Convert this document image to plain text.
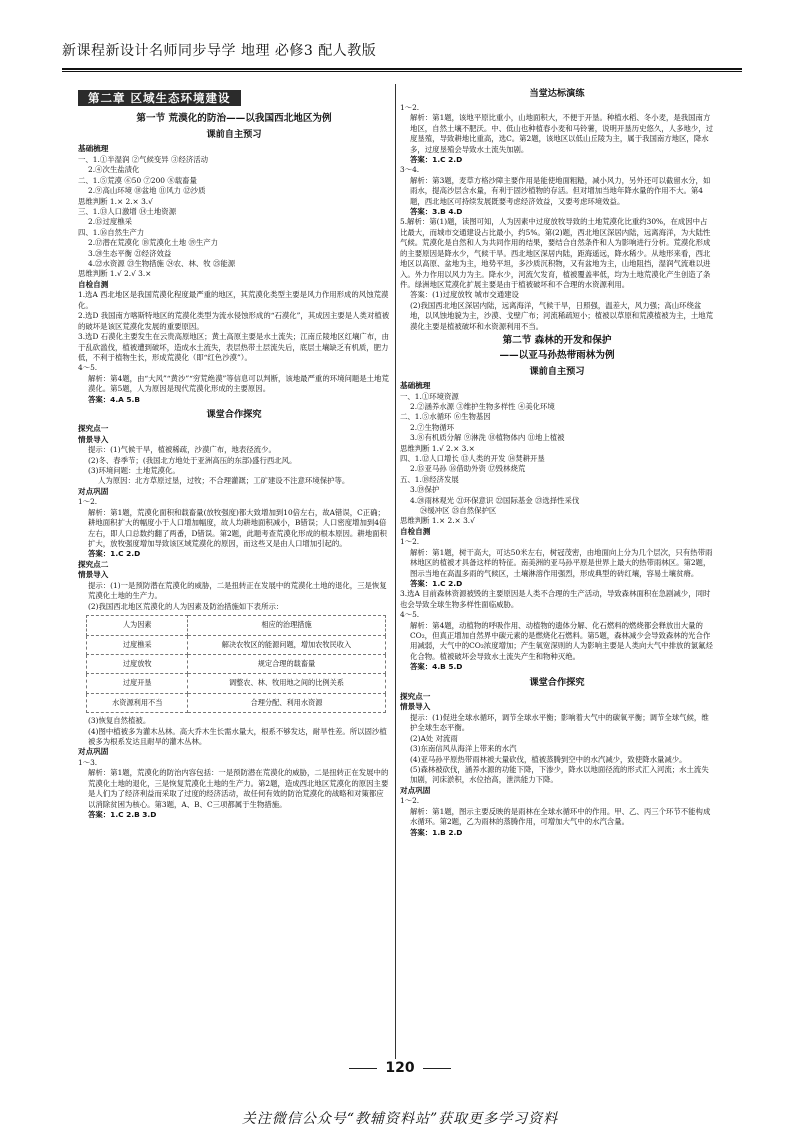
新课程新设计名师同步导学 地理 必修3 配人教版
第二章 区域生态环境建设
第一节 荒漠化的防治——以我国西北地区为例
课前自主预习
基础梳理
一、1.①半湿润 ②气候变异 ③经济活动
2.④次生盐渍化
二、1.⑤荒漠 ⑥50 ⑦200 ⑧载畜量
2.⑨高山环境 ⑩盆地 ⑪风力 ⑫沙质
思维判断 1.× 2.× 3.√
三、1.⑬人口激增 ⑭土地资源
2.⑮过度樵采
四、1.⑯自然生产力
2.⑰潜在荒漠化 ⑱荒漠化土地 ⑲生产力
3.⑳生态平衡 ㉑经济效益
4.㉒水资源 ㉓生物措施 ㉔农、林、牧 ㉕能源
思维判断 1.√ 2.√ 3.×
自检自测
1.选A 西北地区是我国荒漠化程度最严重的地区，其荒漠化类型主要是风力作用形成的风蚀荒漠化。
2.选D 我国南方喀斯特地区的荒漠化类型为流水侵蚀形成的“石漠化”，其成因主要是人类对植被的破坏是该区荒漠化发展的重要原因。
3.选D 石漠化主要发生在云贵高原地区；黄土高原主要是水土流失；江南丘陵地区红壤广布，由于乱砍滥伐，植被遭到破坏，造成水土流失，表层热带土层流失后，底层土壤缺乏有机质，肥力低，不利于植物生长，形成荒漠化（即“红色沙漠”）。
4～5.
解析：第4题，由“大风”“黄沙”“穷荒绝漠”等信息可以判断，该地最严重的环境问题是土地荒漠化。第5题，人为原因是现代荒漠化形成的主要原因。
答案：4.A 5.B
课堂合作探究
探究点一
情景导入
提示：(1)气候干旱，植被稀疏，沙漠广布，地表径流少。
(2)冬、春季节；(我国北方地处于亚洲高压的东部)盛行西北风。
(3)环境问题：土地荒漠化。
人为原因：北方草原过垦，过牧；不合理灌溉；工矿建设不注意环境保护等。
对点巩固
1～2.
解析：第1题，荒漠化面积和载畜量(放牧强度)都大致增加到10倍左右，故A错误，C正确；耕地面积扩大的幅度小于人口增加幅度，故人均耕地面积减小，B错误；人口密度增加到4倍左右，即人口总数约翻了两番，D错误。第2题，此题考查荒漠化形成的根本原因。耕地面积扩大，放牧强度增加导致该区域荒漠化的原因，而这些又是由人口增加引起的。
答案：1.C 2.D
探究点二
情景导入
提示：(1)一是预防潜在荒漠化的威胁，二是扭转正在发展中的荒漠化土地的退化，三是恢复荒漠化土地的生产力。
(2)我国西北地区荒漠化的人为因素及防治措施如下表所示：
人为因素	相应的治理措施
过度樵采	解决农牧区的能源问题，增加农牧民收入
过度放牧	规定合理的载畜量
过度开垦	调整农、林、牧用地之间的比例关系
水资源利用不当	合理分配、利用水资源
(3)恢复自然植被。
(4)图中植被多为灌木丛林。高大乔木生长需水量大，根系不够发达，耐旱性差。所以固沙植被多为根系发达且耐旱的灌木丛林。
对点巩固
1～3.
解析：第1题，荒漠化的防治内容包括：一是预防潜在荒漠化的威胁，二是扭转正在发展中的荒漠化土地的退化，三是恢复荒漠化土地的生产力。第2题，造成西北地区荒漠化的原因主要是人们为了经济利益而采取了过度的经济活动，故任何有效的防治荒漠化的战略和对策都应以消除贫困为核心。第3题，A、B、C三项都属于生物措施。
答案：1.C 2.B 3.D
当堂达标演练
1～2.
解析：第1题，该地平原比重小，山地面积大，不便于开垦。种植水稻、冬小麦，是我国南方地区，自然土壤不肥沃。中、低山也种植春小麦和马铃薯，说明开垦历史悠久，人多地少，过度垦殖，导致耕地比重高，选C。第2题，该地区以低山丘陵为主，属于我国南方地区，降水多，过度垦殖会导致水土流失加剧。
答案：1.C 2.D
3～4.
解析：第3题，麦草方格沙障主要作用是能使地面粗糙，减小风力，另外还可以截留水分，如雨水，提高沙层含水量，有利于固沙植物的存活。但对增加当地年降水量的作用不大。第4题，西北地区可持续发展既要考虑经济效益，又要考虑环境效益。
答案：3.B 4.D
5.解析：第(1)题，读图可知，人为因素中过度放牧导致的土地荒漠化比重约30%，在成因中占比最大，而城市交通建设占比最小，约5%。第(2)题，西北地区深居内陆，远离海洋，为大陆性气候。荒漠化是自然和人为共同作用的结果，要结合自然条件和人为影响进行分析。荒漠化形成的主要原因是降水少，气候干旱。西北地区深居内陆，距海遥远，降水稀少。从地形来看，西北地区以高原、盆地为主，地势平坦，多沙质沉积物，又有盆地为主，山地阻挡，湿润气流难以进入。外力作用以风力为主。降水少，河流欠发育，植被覆盖率低，均为土地荒漠化产生创造了条件。绿洲地区荒漠化扩展主要是由于植被破坏和不合理的水资源利用。
答案：(1)过度放牧 城市交通建设
(2)我国西北地区深居内陆，远离海洋，气候干旱，日照强，温差大，风力强；高山环绕盆地，以风蚀地貌为主，沙漠、戈壁广布；河流稀疏短小；植被以草原和荒漠植被为主，土地荒漠化主要是植被破坏和水资源利用不当。
第二节 森林的开发和保护
——以亚马孙热带雨林为例
课前自主预习
基础梳理
一、1.①环境资源
2.②涵养水源 ③维护生物多样性 ④美化环境
二、1.⑤水循环 ⑥生物基因
2.⑦生物循环
3.⑧有机质分解 ⑨淋洗 ⑩植物体内 ⑪地上植被
思维判断 1.√ 2.× 3.×
四、1.⑫人口增长 ⑬人类的开发 ⑭焚耕开垦
2.⑮亚马孙 ⑯借助外资 ⑰毁林烧荒
五、1.⑱经济发展
3.⑲保护
4.⑳雨林观光 ㉑环保意识 ㉒国际基金 ㉓选择性采伐
㉔缓冲区 ㉕自然保护区
思维判断 1.× 2.× 3.√
自检自测
1～2.
解析：第1题，树干高大，可达50米左右，树冠茂密，由地面向上分为几个层次，只有热带雨林地区的植被才具备这样的特征。南美洲的亚马孙平原是世界上最大的热带雨林区。第2题，图示当地在高温多雨的气候区，土壤淋溶作用强烈，形成典型的砖红壤，容易土壤贫瘠。
答案：1.C 2.D
3.选A 目前森林资源被毁的主要原因是人类不合理的生产活动，导致森林面积在急剧减少，同时也会导致全球生物多样性面临威胁。
4～5.
解析：第4题，动植物的呼吸作用、动植物的遗体分解、化石燃料的燃烧都会释放出大量的CO₂，但真正增加自然界中碳元素的是燃烧化石燃料。第5题，森林减少会导致森林的光合作用减弱，大气中的CO₂浓度增加；产生氧宽深则的人为影响主要是人类向大气中排放的氯氟烃化合物。植被破坏会导致水土流失产生和物种灭绝。
答案：4.B 5.D
课堂合作探究
探究点一
情景导入
提示：(1)促进全球水循环，调节全球水平衡；影响着大气中的碳氧平衡；调节全球气候，维护全球生态平衡。
(2)A处 对流雨
(3)东南信风从海洋上带来的水汽
(4)亚马孙平原热带雨林被大量砍伐，植被蒸腾到空中的水汽减少，致使降水量减少。
(5)森林被砍伐，涵养水源的功能下降，下渗少，降水以地面径流的形式汇入河流；水土流失加剧，河床淤积，水位抬高，泄洪能力下降。
对点巩固
1～2.
解析：第1题，图示主要反映的是雨林在全球水循环中的作用。甲、乙、丙三个环节不能构成水循环。第2题，乙为雨林的蒸腾作用，可增加大气中的水汽含量。
答案：1.B 2.D
120
关注微信公众号“教辅资料站”获取更多学习资料
